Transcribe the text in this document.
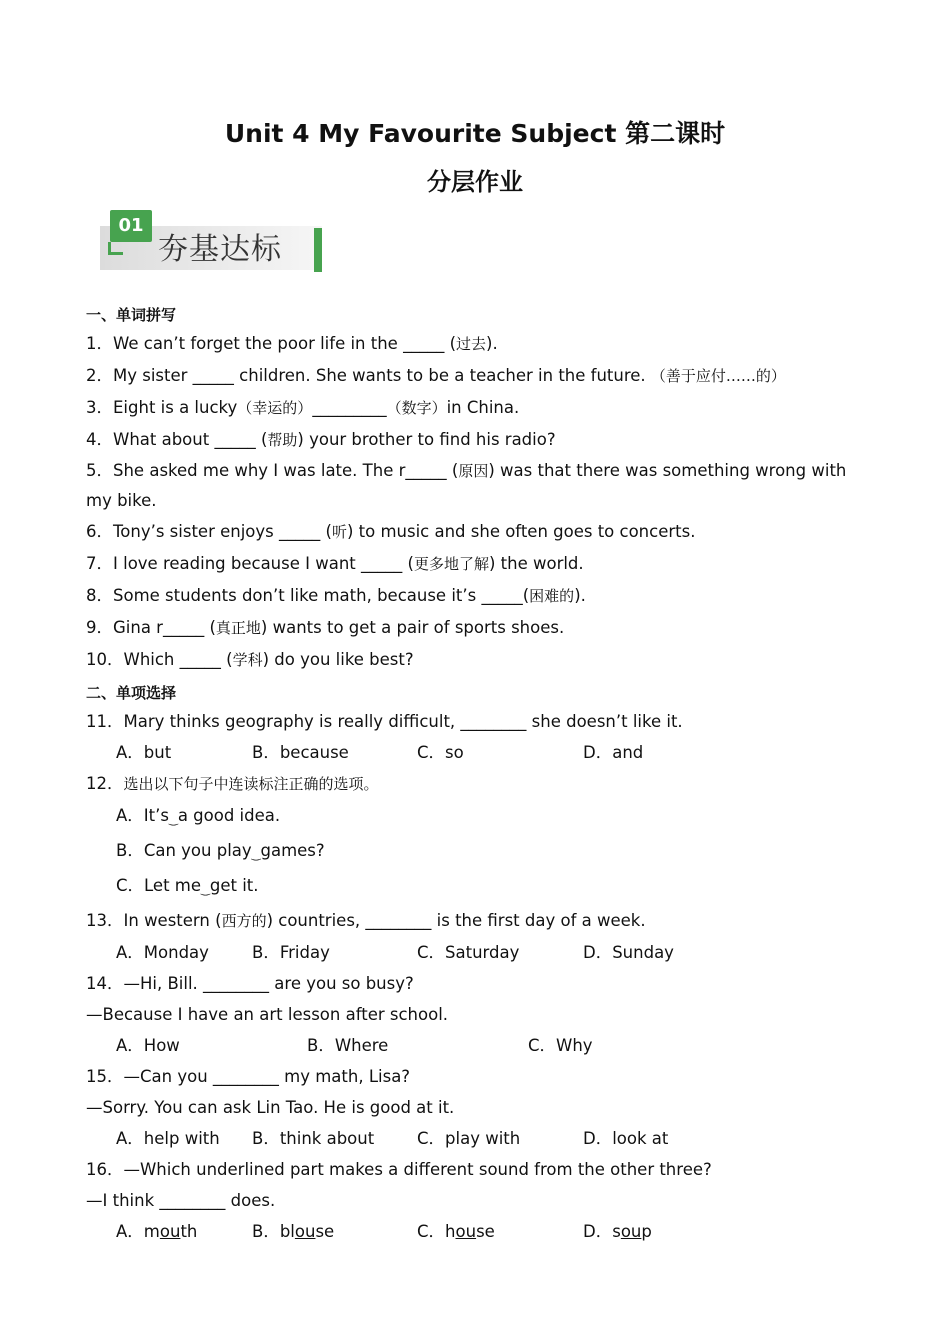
Unit 4 My Favourite Subject 第二课时
分层作业
01
夯基达标
一、单词拼写
1．We can’t forget the poor life in the _____ (过去).
2．My sister _____ children. She wants to be a teacher in the future. （善于应付……的）
3．Eight is a lucky（幸运的）_________（数字）in China.
4．What about _____ (帮助) your brother to find his radio?
5．She asked me why I was late. The r_____ (原因) was that there was something wrong with my bike.
6．Tony’s sister enjoys _____ (听) to music and she often goes to concerts.
7．I love reading because I want _____ (更多地了解) the world.
8．Some students don’t like math, because it’s _____(困难的).
9．Gina r_____ (真正地) wants to get a pair of sports shoes.
10．Which _____ (学科) do you like best?
二、单项选择
11．Mary thinks geography is really difficult, ________ she doesn’t like it.
A．but	B．because	C．so	D．and
12．选出以下句子中连读标注正确的选项。
A．It’s‿a good idea.
B．Can you play‿games?
C．Let me‿get it.
13．In western (西方的) countries, ________ is the first day of a week.
A．Monday	B．Friday	C．Saturday	D．Sunday
14．—Hi, Bill. ________ are you so busy?
—Because I have an art lesson after school.
A．How	B．Where	C．Why
15．—Can you ________ my math, Lisa?
—Sorry. You can ask Lin Tao. He is good at it.
A．help with B．think about	C．play with	D．look at
16．—Which underlined part makes a different sound from the other three?
—I think ________ does.
A．mouth	B．blouse	C．house	D．soup
